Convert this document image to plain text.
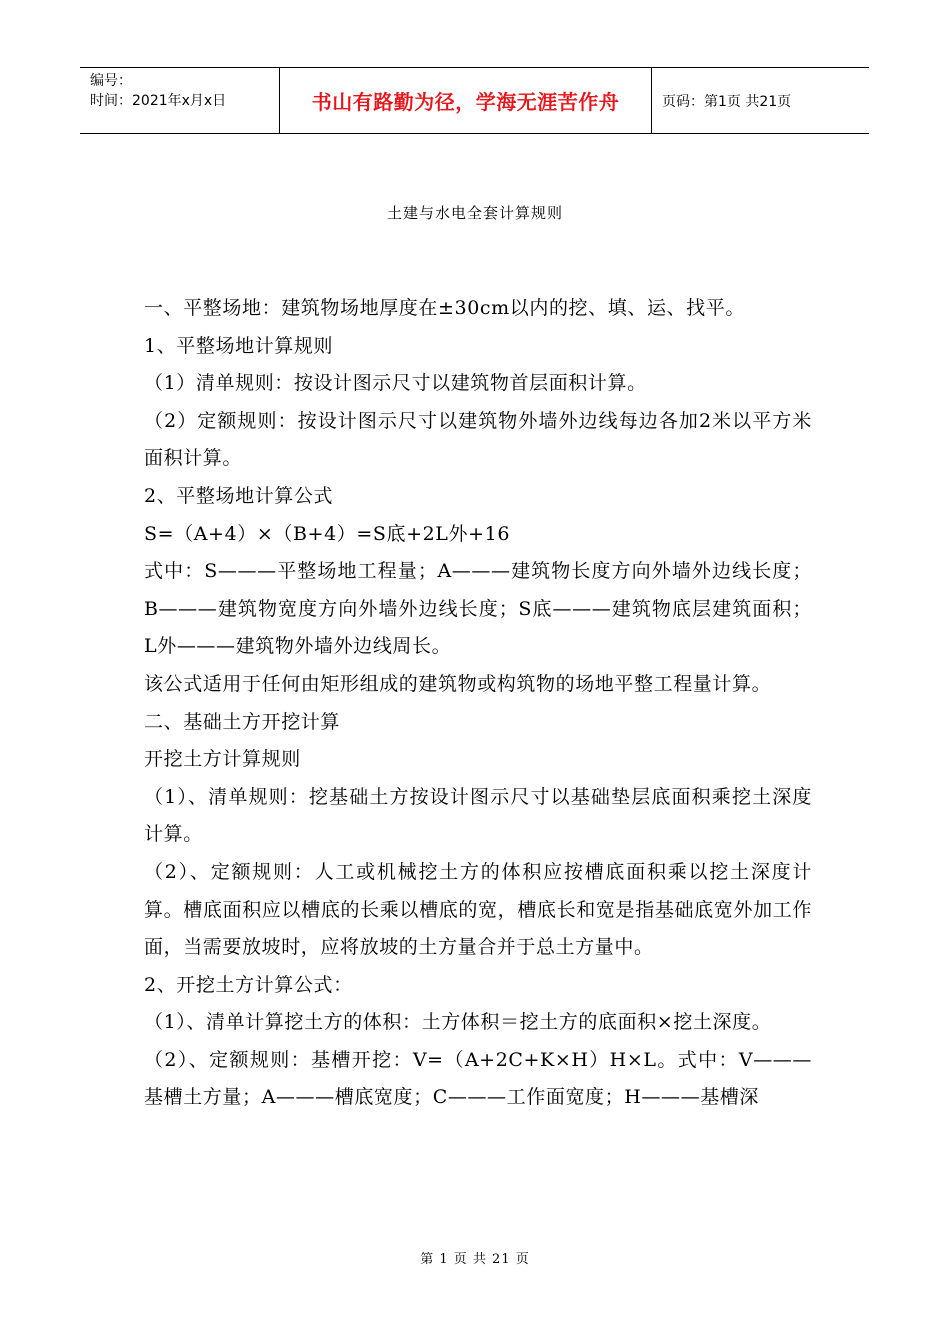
编号：
时间：2021年x月x日	书山有路勤为径，学海无涯苦作舟	页码：第1页 共21页
土建与水电全套计算规则

一、平整场地：建筑物场地厚度在±30cm以内的挖、填、运、找平。

1、平整场地计算规则

（1）清单规则：按设计图示尺寸以建筑物首层面积计算。

（2）定额规则：按设计图示尺寸以建筑物外墙外边线每边各加2米以平方米面积计算。

2、平整场地计算公式

S=（A+4）×（B+4）=S底+2L外+16

式中：S———平整场地工程量；A———建筑物长度方向外墙外边线长度；B———建筑物宽度方向外墙外边线长度；S底———建筑物底层建筑面积；L外———建筑物外墙外边线周长。

该公式适用于任何由矩形组成的建筑物或构筑物的场地平整工程量计算。

二、基础土方开挖计算

开挖土方计算规则

（1）、清单规则：挖基础土方按设计图示尺寸以基础垫层底面积乘挖土深度计算。

（2）、定额规则：人工或机械挖土方的体积应按槽底面积乘以挖土深度计算。槽底面积应以槽底的长乘以槽底的宽，槽底长和宽是指基础底宽外加工作面，当需要放坡时，应将放坡的土方量合并于总土方量中。

2、开挖土方计算公式：

（1）、清单计算挖土方的体积：土方体积＝挖土方的底面积×挖土深度。

（2）、定额规则：基槽开挖：V=（A+2C+K×H）H×L。式中：V———基槽土方量；A———槽底宽度；C———工作面宽度；H———基槽深

第 1 页 共 21 页
